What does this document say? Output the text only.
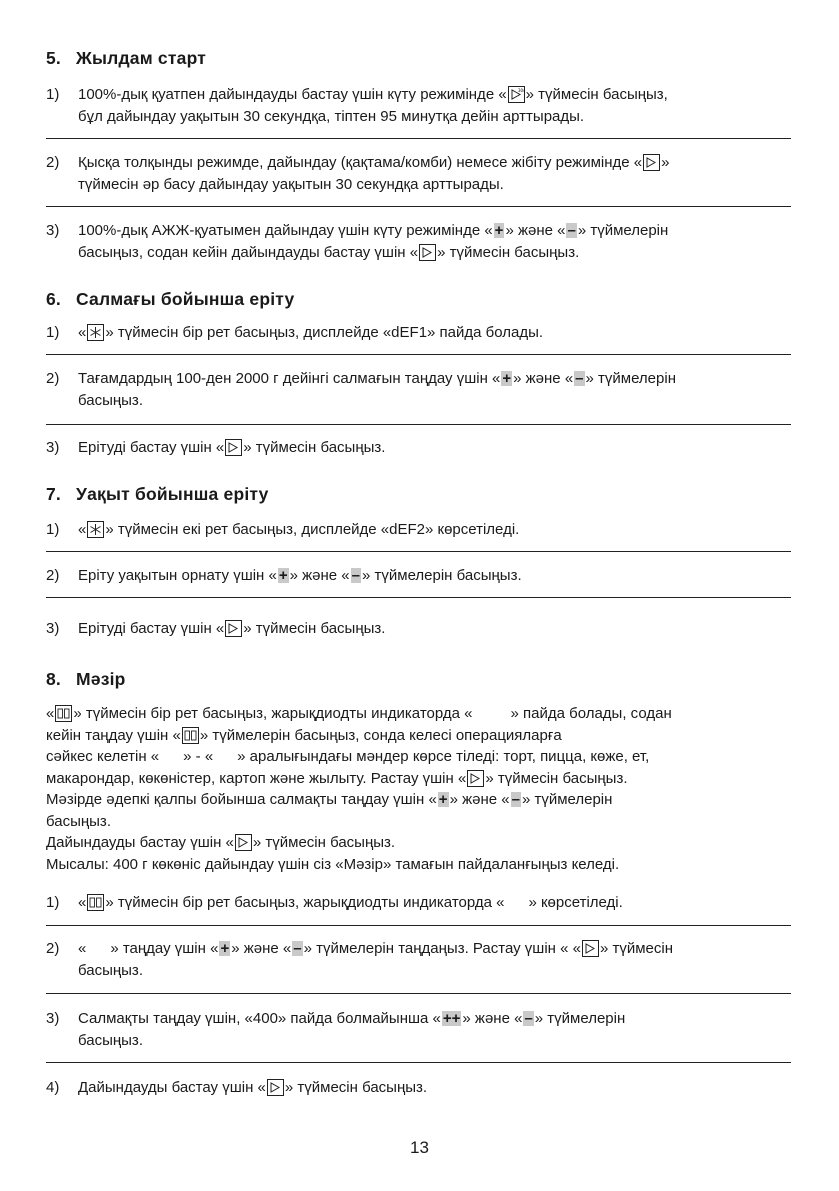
5. Жылдам старт
1) 100%-дық қуатпен дайындауды бастау үшін күту режимінде «	30s » түймесін басыңыз,
бұл дайындау уақытын 30 секундқа, тіптен 95 минутқа дейін арттырады.
2) Қысқа толқынды режимде, дайындау (қақтама/комби) немесе жібіту режимінде « »
түймесін әр басу дайындау уақытын 30 секундқа арттырады.
3) 100%-дық АЖЖ-қуатымен дайындау үшін күту режимінде « + » және « – » түймелерін
басыңыз, содан кейін дайындауды бастау үшін « » түймесін басыңыз.
6. Салмағы бойынша еріту
1) « » түймесін бір рет басыңыз, дисплейде «dEF1» пайда болады.
2) Тағамдардың 100-ден 2000 г дейінгі салмағын таңдау үшін « + » және « – » түймелерін
басыңыз.
3) Ерітуді бастау үшін « » түймесін басыңыз.
7. Уақыт бойынша еріту
1) « » түймесін екі рет басыңыз, дисплейде «dEF2» көрсетіледі.
2) Еріту уақытын орнату үшін « + » және « – » түймелерін басыңыз.
3) Ерітуді бастау үшін « » түймесін басыңыз.
8. Мәзір
« » түймесін бір рет басыңыз, жарықдиодты индикаторда «	» пайда болады, содан
кейін таңдау үшін « » түймелерін басыңыз, сонда келесі операцияларға
сәйкес келетін « » - « » аралығындағы мәндер көрсе тіледі: торт, пицца, көже, ет,
макарондар, көкөністер, картоп және жылыту. Растау үшін « » түймесін басыңыз.
Мәзірде әдепкі қалпы бойынша салмақты таңдау үшін « + » және « – » түймелерін
басыңыз.
Дайындауды бастау үшін « » түймесін басыңыз.
Мысалы: 400 г көкөніс дайындау үшін сіз «Мәзір» тамағын пайдаланғыңыз келеді.
1) « » түймесін бір рет басыңыз, жарықдиодты индикаторда « » көрсетіледі.
2) « » таңдау үшін « + » және « – » түймелерін таңдаңыз. Растау үшін « « » түймесін
басыңыз.
3) Салмақты таңдау үшін, «400» пайда болмайынша « ++ » және « – » түймелерін
басыңыз.
4) Дайындауды бастау үшін « » түймесін басыңыз.
13
